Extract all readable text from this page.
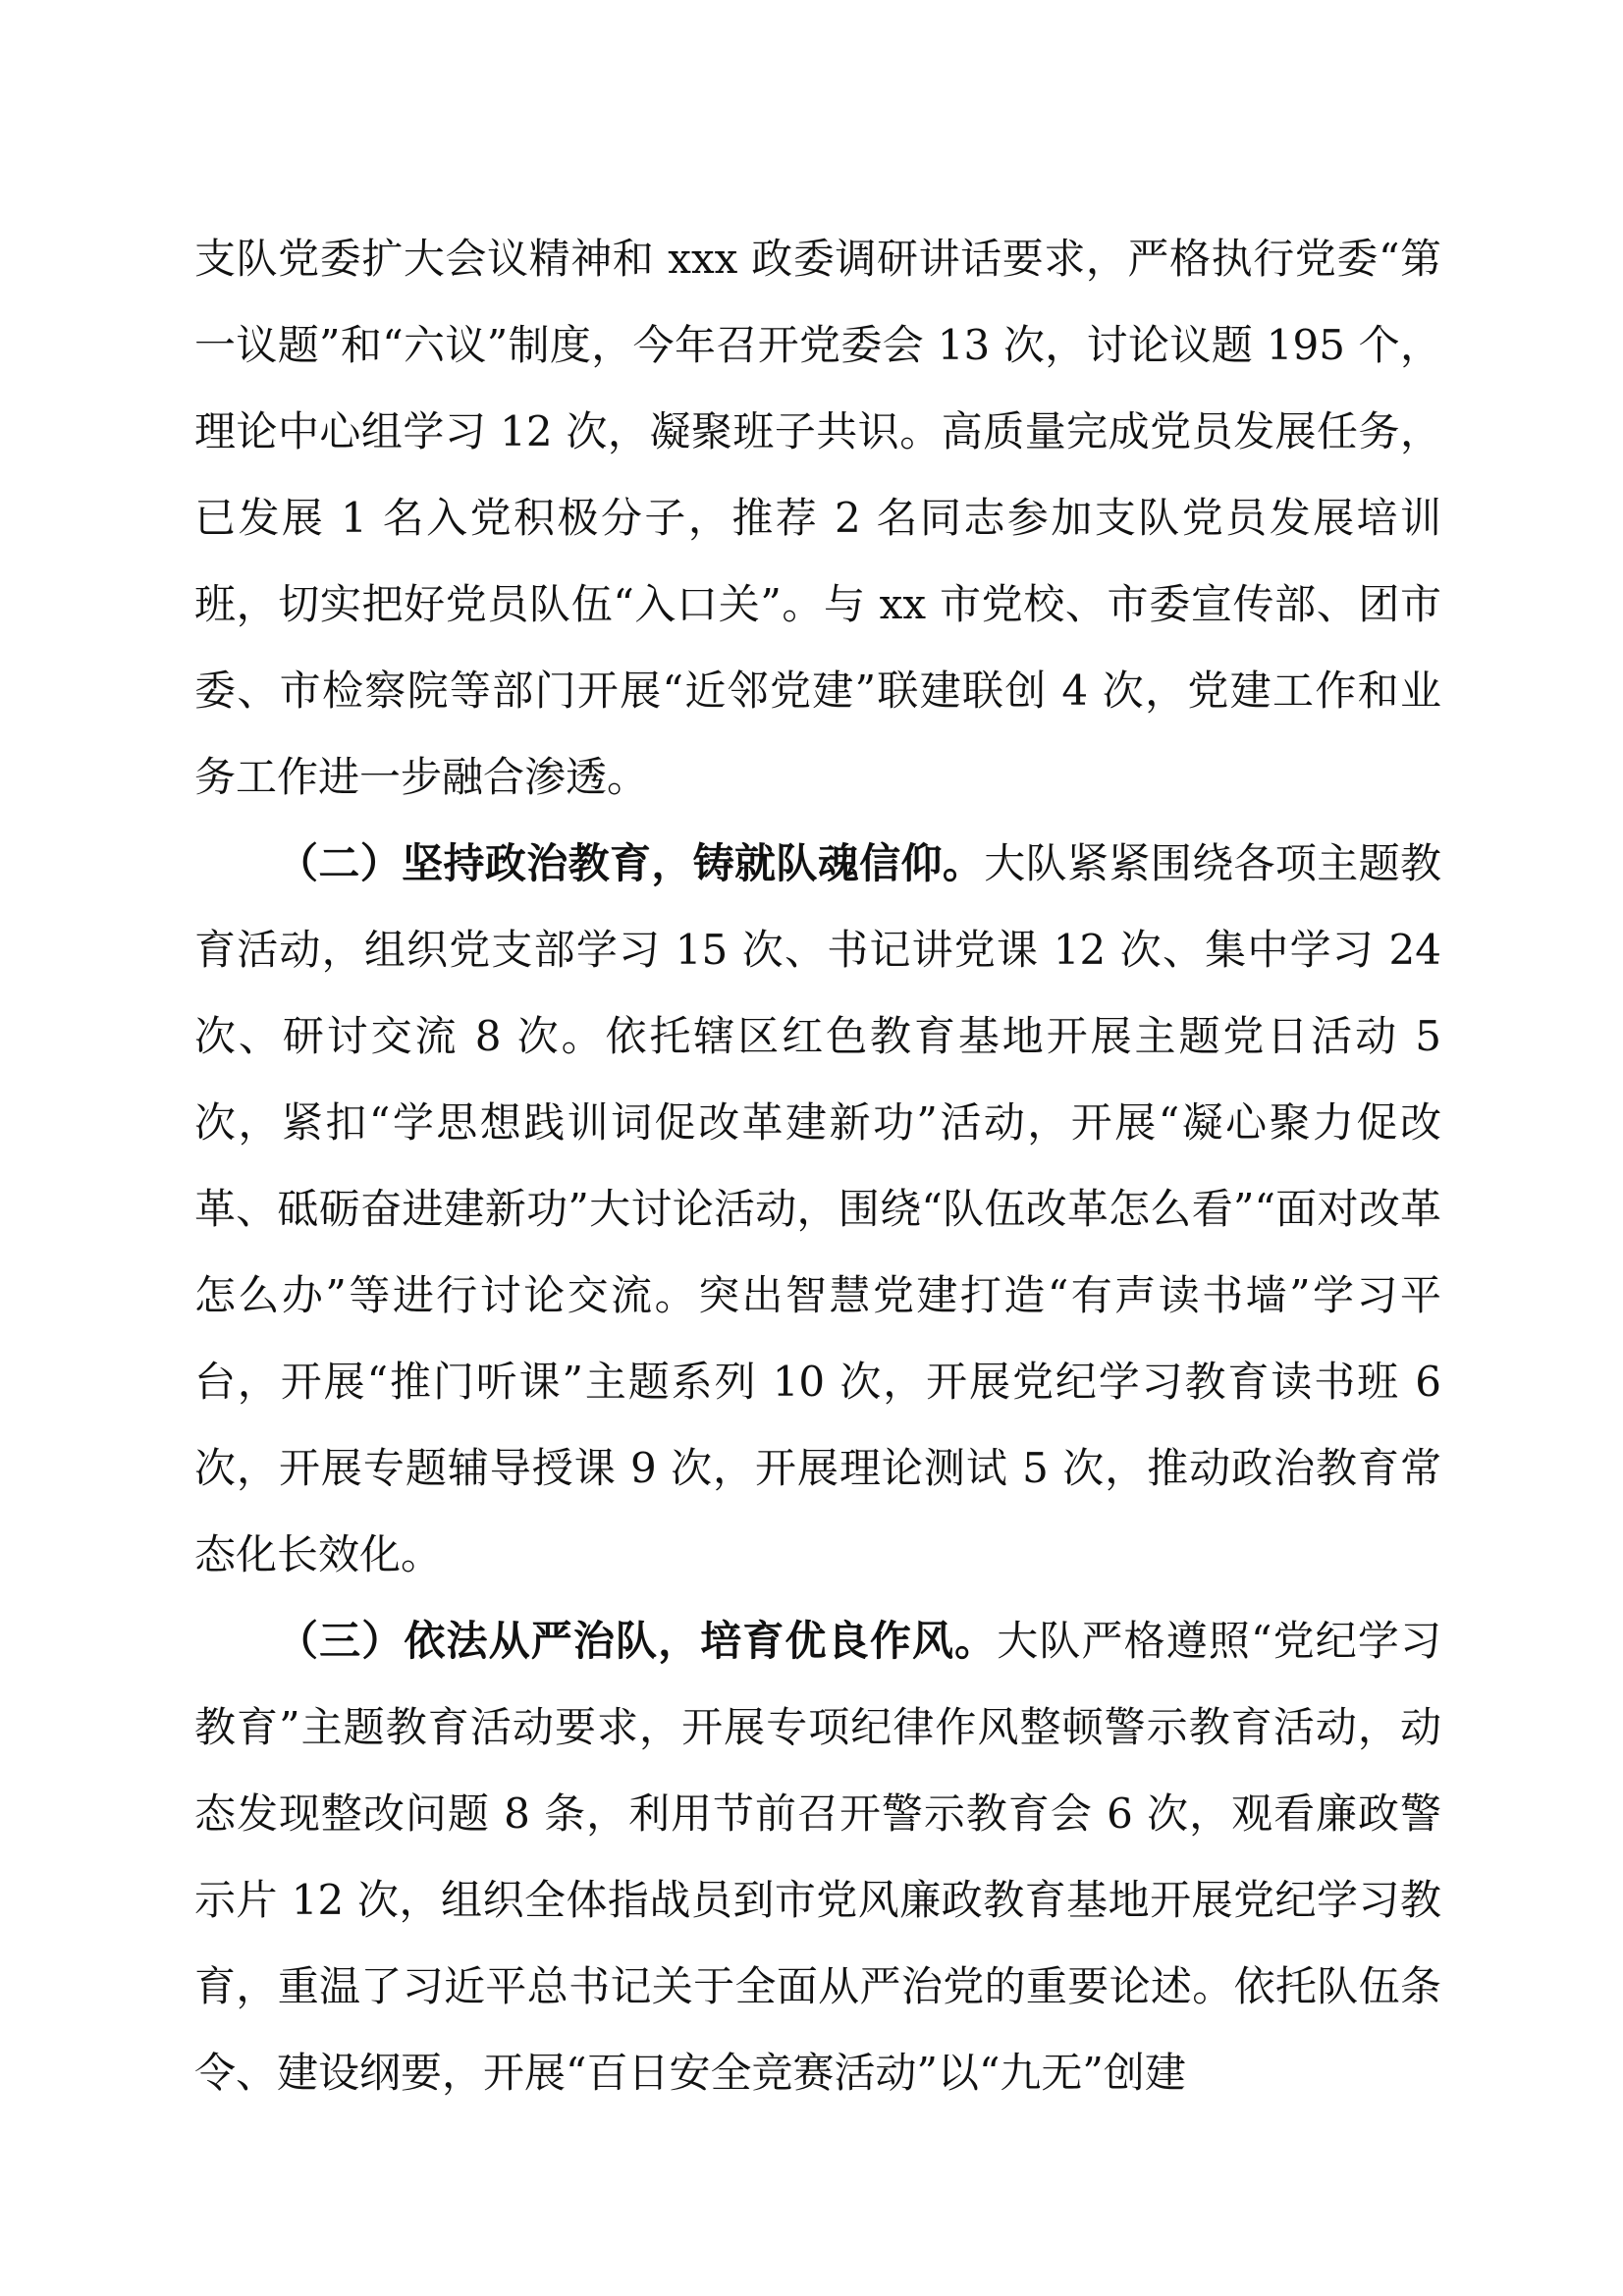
支队党委扩大会议精神和 xxx 政委调研讲话要求，严格执行党委“第一议题”和“六议”制度，今年召开党委会 13 次，讨论议题 195 个，理论中心组学习 12 次，凝聚班子共识。高质量完成党员发展任务，已发展 1 名入党积极分子，推荐 2 名同志参加支队党员发展培训班，切实把好党员队伍“入口关”。与 xx 市党校、市委宣传部、团市委、市检察院等部门开展“近邻党建”联建联创 4 次，党建工作和业务工作进一步融合渗透。

（二）坚持政治教育，铸就队魂信仰。大队紧紧围绕各项主题教育活动，组织党支部学习 15 次、书记讲党课 12 次、集中学习 24 次、研讨交流 8 次。依托辖区红色教育基地开展主题党日活动 5 次，紧扣“学思想践训词促改革建新功”活动，开展“凝心聚力促改革、砥砺奋进建新功”大讨论活动，围绕“队伍改革怎么看”“面对改革怎么办”等进行讨论交流。突出智慧党建打造“有声读书墙”学习平台，开展“推门听课”主题系列 10 次，开展党纪学习教育读书班 6 次，开展专题辅导授课 9 次，开展理论测试 5 次，推动政治教育常态化长效化。

（三）依法从严治队，培育优良作风。大队严格遵照“党纪学习教育”主题教育活动要求，开展专项纪律作风整顿警示教育活动，动态发现整改问题 8 条，利用节前召开警示教育会 6 次，观看廉政警示片 12 次，组织全体指战员到市党风廉政教育基地开展党纪学习教育，重温了习近平总书记关于全面从严治党的重要论述。依托队伍条令、建设纲要，开展“百日安全竞赛活动”以“九无”创建
